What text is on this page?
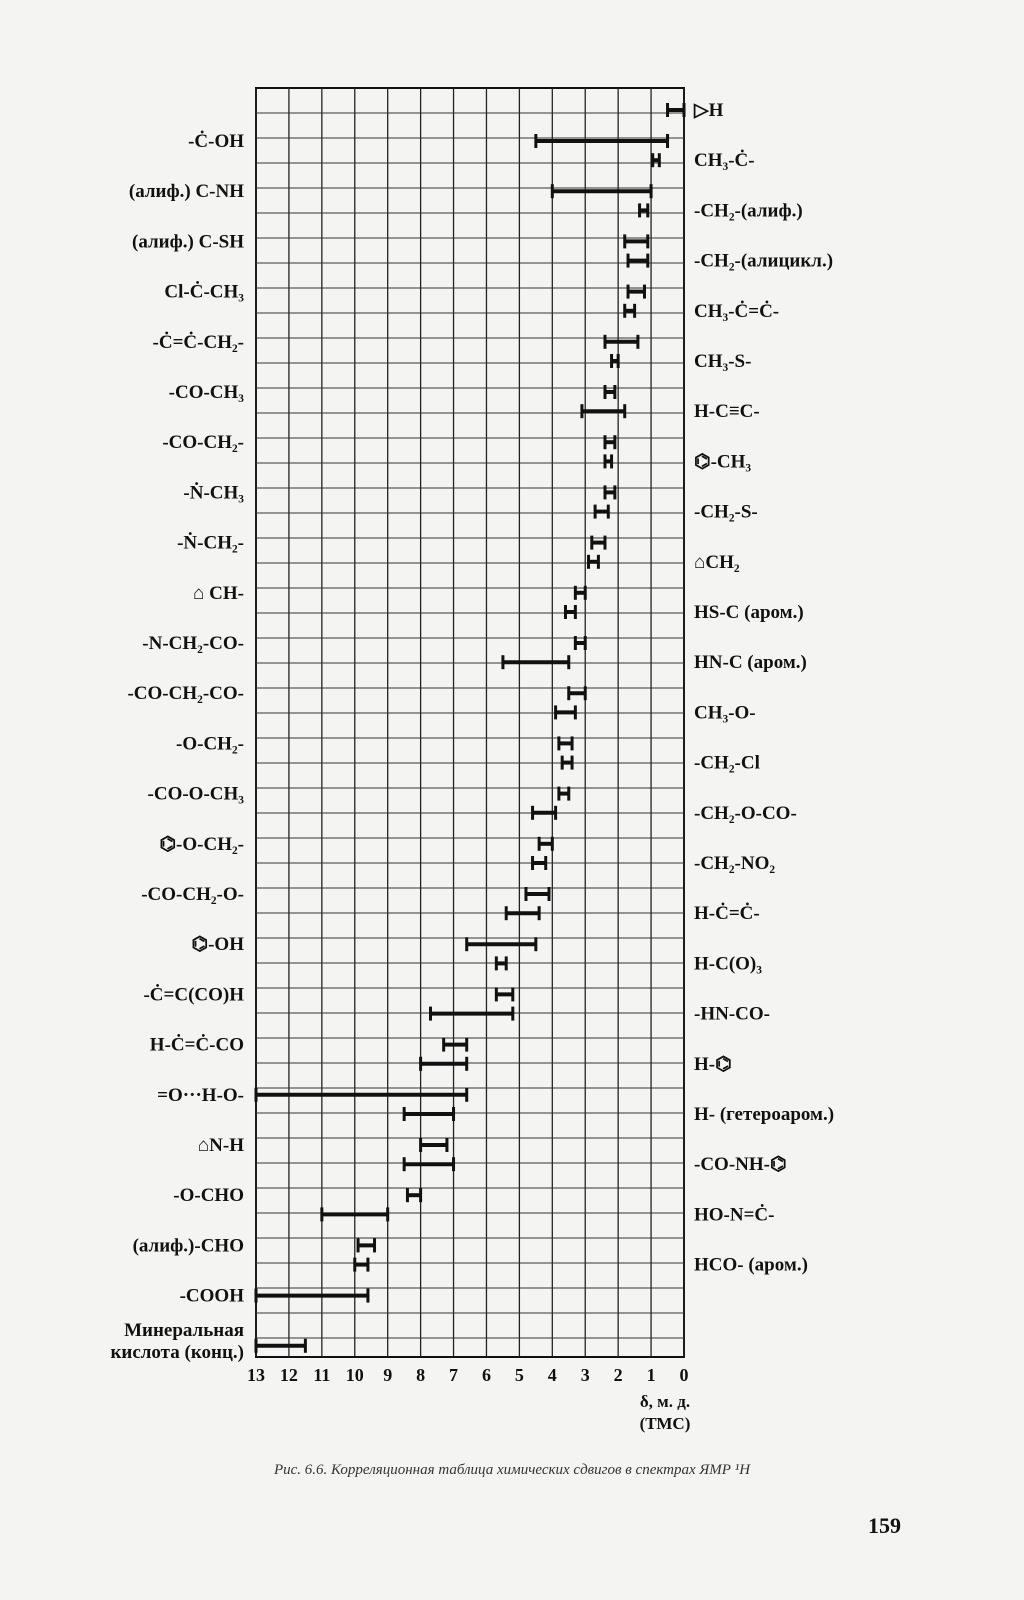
13 12 11 10 9 8 7 6 5 4 3 2 1 0
δ, м. д.
(ТМС)
-Ċ-OH
(алиф.) C-NH
(алиф.) C-SH
Cl-Ċ-CH₃
-Ċ=Ċ-CH₂-
-CO-CH₃
-CO-CH₂-
-Ṅ-CH₃
-Ṅ-CH₂-
⌂ CH-
-N-CH₂-CO-
-CO-CH₂-CO-
-O-CH₂-
-CO-O-CH₃
⌬-O-CH₂-
-CO-CH₂-O-
⌬-OH
-Ċ=C(CO)H
H-Ċ=Ċ-CO
=O···H-O-
⌂N-H
-O-CHO
(алиф.)-CHO
-COOH
Минеральная
кислота (конц.)
▷H
CH₃-Ċ-
-CH₂-(алиф.)
-CH₂-(алицикл.)
CH₃-Ċ=Ċ-
CH₃-S-
H-C≡C-
⌬-CH₃
-CH₂-S-
⌂CH₂
HS-C (аром.)
HN-C (аром.)
CH₃-O-
-CH₂-Cl
-CH₂-O-CO-
-CH₂-NO₂
H-Ċ=Ċ-
H-C(O)₃
-HN-CO-
H-⌬
H- (гетероаром.)
-CO-NH-⌬
HO-N=Ċ-
HCO- (аром.)
Рис. 6.6. Корреляционная таблица химических сдвигов в спектрах ЯМР ¹H
159
